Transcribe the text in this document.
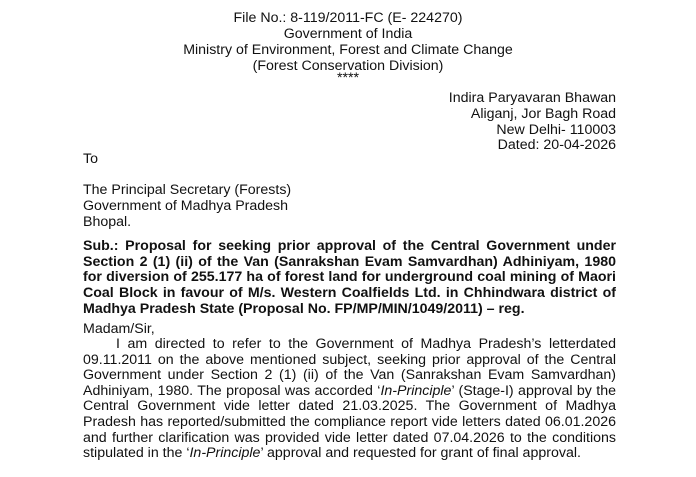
File No.: 8-119/2011-FC (E- 224270)
Government of India
Ministry of Environment, Forest and Climate Change
(Forest Conservation Division)
****
Indira Paryavaran Bhawan
Aliganj, Jor Bagh Road
New Delhi- 110003
Dated: 20-04-2026
To
The Principal Secretary (Forests)
Government of Madhya Pradesh
Bhopal.
Sub.: Proposal for seeking prior approval of the Central Government under Section 2 (1) (ii) of the Van (Sanrakshan Evam Samvardhan) Adhiniyam, 1980 for diversion of 255.177 ha of forest land for underground coal mining of Maori Coal Block in favour of M/s. Western Coalfields Ltd. in Chhindwara district of Madhya Pradesh State (Proposal No. FP/MP/MIN/1049/2011) – reg.
Madam/Sir,

I am directed to refer to the Government of Madhya Pradesh’s letterdated 09.11.2011 on the above mentioned subject, seeking prior approval of the Central Government under Section 2 (1) (ii) of the Van (Sanrakshan Evam Samvardhan) Adhiniyam, 1980. The proposal was accorded ‘In-Principle’ (Stage-I) approval by the Central Government vide letter dated 21.03.2025. The Government of Madhya Pradesh has reported/submitted the compliance report vide letters dated 06.01.2026 and further clarification was provided vide letter dated 07.04.2026 to the conditions stipulated in the ‘In-Principle’ approval and requested for grant of final approval.
